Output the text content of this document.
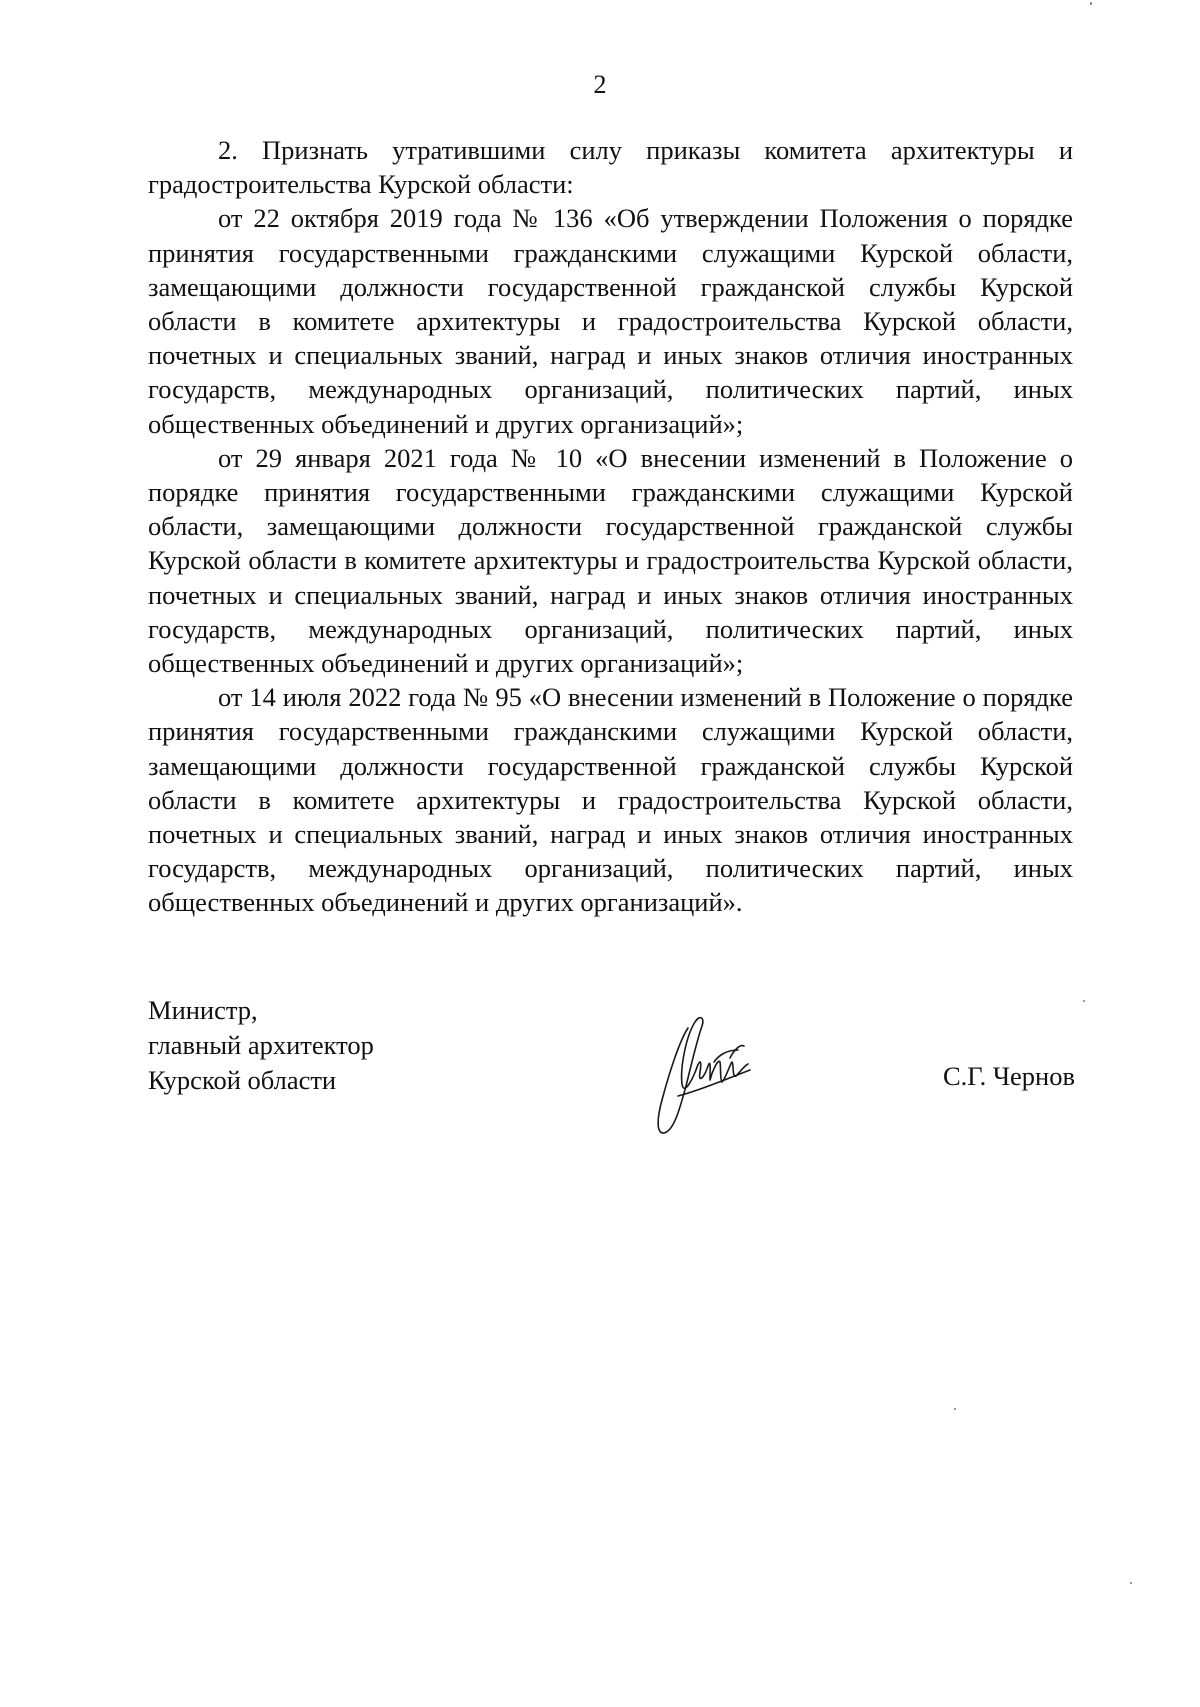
2

2. Признать утратившими силу приказы комитета архитектуры и градостроительства Курской области:

от 22 октября 2019 года № 136 «Об утверждении Положения о порядке принятия государственными гражданскими служащими Курской области, замещающими должности государственной гражданской службы Курской области в комитете архитектуры и градостроительства Курской области, почетных и специальных званий, наград и иных знаков отличия иностранных государств, международных организаций, политических партий, иных общественных объединений и других организаций»;

от 29 января 2021 года № 10 «О внесении изменений в Положение о порядке принятия государственными гражданскими служащими Курской области, замещающими должности государственной гражданской службы Курской области в комитете архитектуры и градостроительства Курской области, почетных и специальных званий, наград и иных знаков отличия иностранных государств, международных организаций, политических партий, иных общественных объединений и других организаций»;

от 14 июля 2022 года № 95 «О внесении изменений в Положение о порядке принятия государственными гражданскими служащими Курской области, замещающими должности государственной гражданской службы Курской области в комитете архитектуры и градостроительства Курской области, почетных и специальных званий, наград и иных знаков отличия иностранных государств, международных организаций, политических партий, иных общественных объединений и других организаций».

Министр,
главный архитектор
Курской области	С.Г. Чернов
